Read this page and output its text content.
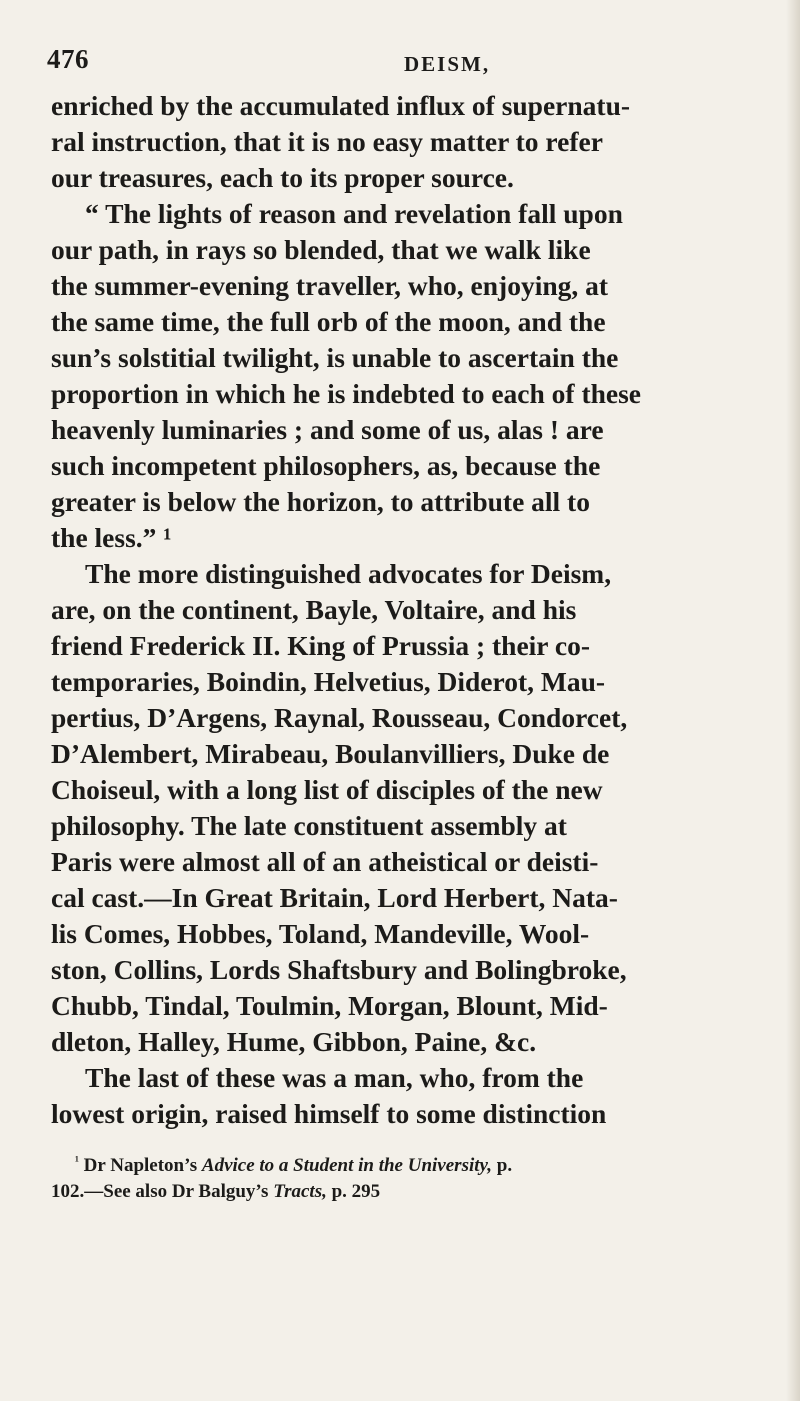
476	DEISM,
enriched by the accumulated influx of supernatu-
ral instruction, that it is no easy matter to refer
our treasures, each to its proper source.
“ The lights of reason and revelation fall upon
our path, in rays so blended, that we walk like
the summer-evening traveller, who, enjoying, at
the same time, the full orb of the moon, and the
sun’s solstitial twilight, is unable to ascertain the
proportion in which he is indebted to each of these
heavenly luminaries ; and some of us, alas ! are
such incompetent philosophers, as, because the
greater is below the horizon, to attribute all to
the less.” ¹
The more distinguished advocates for Deism,
are, on the continent, Bayle, Voltaire, and his
friend Frederick II. King of Prussia ; their co-
temporaries, Boindin, Helvetius, Diderot, Mau-
pertius, D’Argens, Raynal, Rousseau, Condorcet,
D’Alembert, Mirabeau, Boulanvilliers, Duke de
Choiseul, with a long list of disciples of the new
philosophy. The late constituent assembly at
Paris were almost all of an atheistical or deisti-
cal cast.—In Great Britain, Lord Herbert, Nata-
lis Comes, Hobbes, Toland, Mandeville, Wool-
ston, Collins, Lords Shaftsbury and Bolingbroke,
Chubb, Tindal, Toulmin, Morgan, Blount, Mid-
dleton, Halley, Hume, Gibbon, Paine, &c.
The last of these was a man, who, from the
lowest origin, raised himself to some distinction
$^{^1}$ Dr Napleton’s Advice to a Student in the University, p.
102.—See also Dr Balguy’s Tracts, p. 295
